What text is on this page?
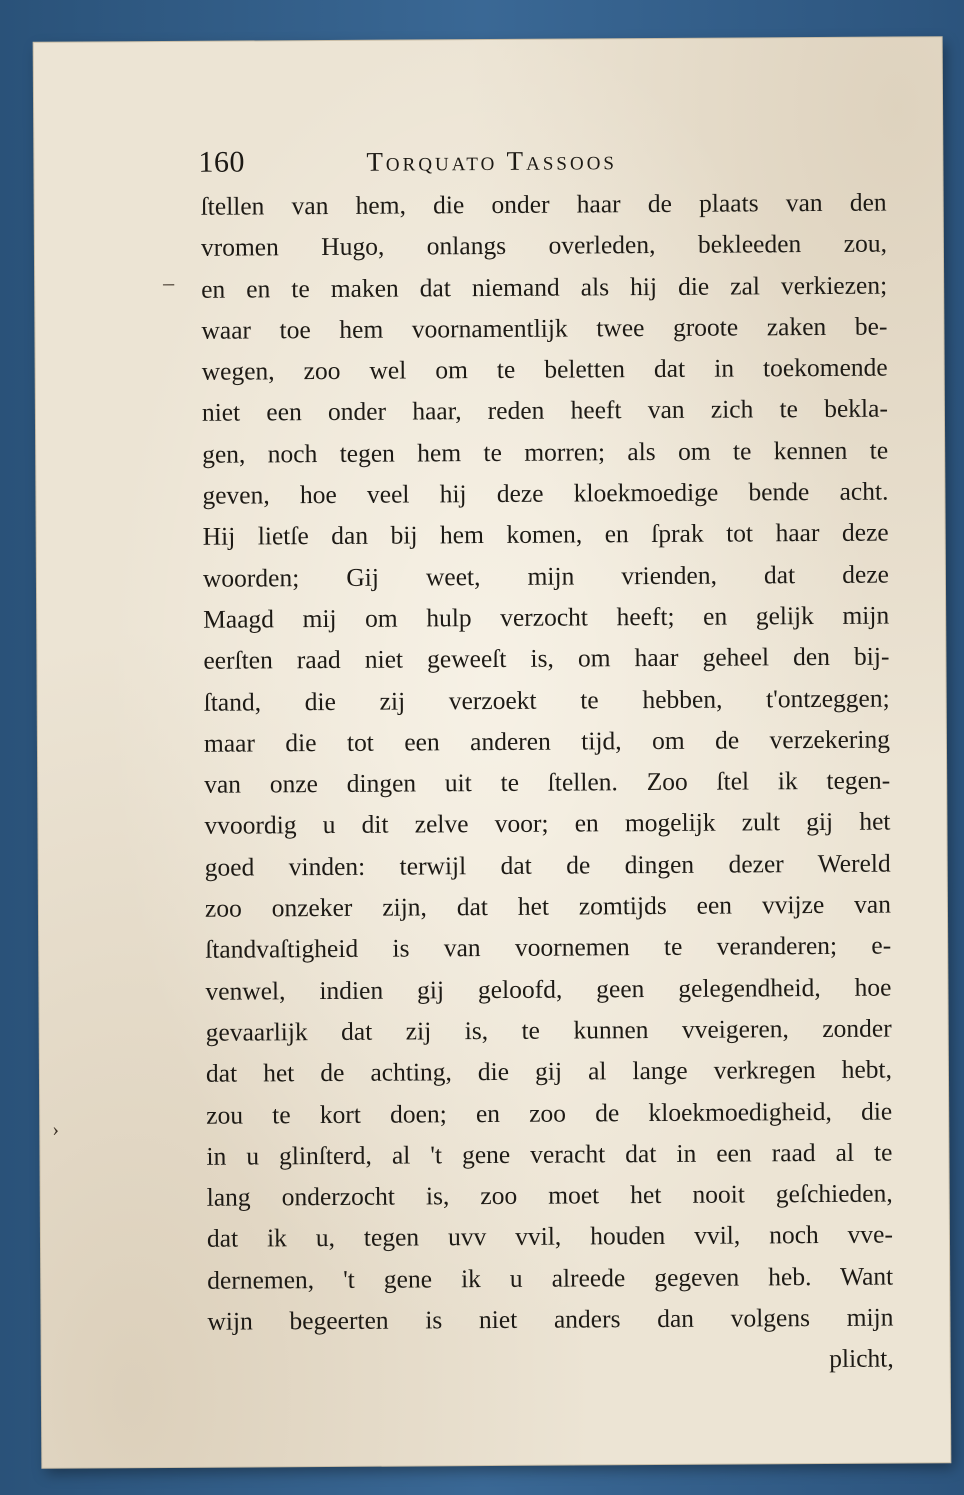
160	Torquato Tassoos
–
›
ſtellen van hem, die onder haar de plaats van den
vromen Hugo, onlangs overleden, bekleeden zou,
en en te maken dat niemand als hij die zal verkiezen;
waar toe hem voornamentlijk twee groote zaken be-
wegen, zoo wel om te beletten dat in toekomende
niet een onder haar, reden heeft van zich te bekla-
gen, noch tegen hem te morren; als om te kennen te
geven, hoe veel hij deze kloekmoedige bende acht.
Hij lietſe dan bij hem komen, en ſprak tot haar deze
woorden; Gij weet, mijn vrienden, dat deze
Maagd mij om hulp verzocht heeft; en gelijk mijn
eerſten raad niet geweeſt is, om haar geheel den bij-
ſtand, die zij verzoekt te hebben, t'ontzeggen;
maar die tot een anderen tijd, om de verzekering
van onze dingen uit te ſtellen. Zoo ſtel ik tegen-
vvoordig u dit zelve voor; en mogelijk zult gij het
goed vinden: terwijl dat de dingen dezer Wereld
zoo onzeker zijn, dat het zomtijds een vvijze van
ſtandvaſtigheid is van voornemen te veranderen; e-
venwel, indien gij geloofd, geen gelegendheid, hoe
gevaarlijk dat zij is, te kunnen vveigeren, zonder
dat het de achting, die gij al lange verkregen hebt,
zou te kort doen; en zoo de kloekmoedigheid, die
in u glinſterd, al 't gene veracht dat in een raad al te
lang onderzocht is, zoo moet het nooit geſchieden,
dat ik u, tegen uvv vvil, houden vvil, noch vve-
dernemen, 't gene ik u alreede gegeven heb. Want
wijn begeerten is niet anders dan volgens mijn
plicht,
